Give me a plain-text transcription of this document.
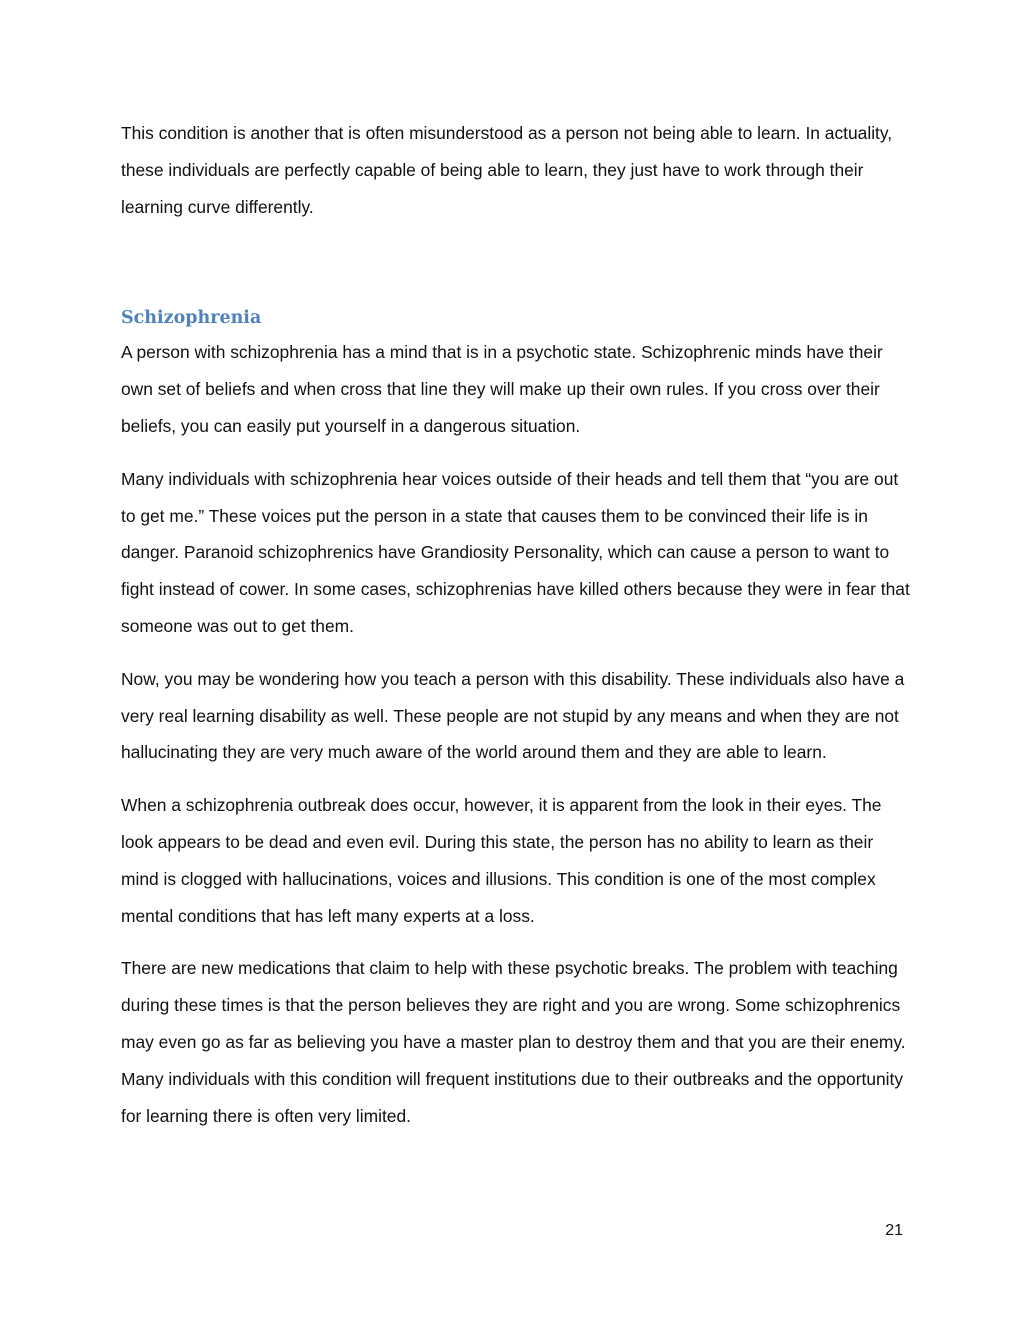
This condition is another that is often misunderstood as a person not being able to learn. In actuality, these individuals are perfectly capable of being able to learn, they just have to work through their learning curve differently.

Schizophrenia

A person with schizophrenia has a mind that is in a psychotic state. Schizophrenic minds have their own set of beliefs and when cross that line they will make up their own rules. If you cross over their beliefs, you can easily put yourself in a dangerous situation.

Many individuals with schizophrenia hear voices outside of their heads and tell them that “you are out to get me.” These voices put the person in a state that causes them to be convinced their life is in danger. Paranoid schizophrenics have Grandiosity Personality, which can cause a person to want to fight instead of cower. In some cases, schizophrenias have killed others because they were in fear that someone was out to get them.

Now, you may be wondering how you teach a person with this disability. These individuals also have a very real learning disability as well. These people are not stupid by any means and when they are not hallucinating they are very much aware of the world around them and they are able to learn.

When a schizophrenia outbreak does occur, however, it is apparent from the look in their eyes. The look appears to be dead and even evil. During this state, the person has no ability to learn as their mind is clogged with hallucinations, voices and illusions. This condition is one of the most complex mental conditions that has left many experts at a loss.

There are new medications that claim to help with these psychotic breaks. The problem with teaching during these times is that the person believes they are right and you are wrong. Some schizophrenics may even go as far as believing you have a master plan to destroy them and that you are their enemy. Many individuals with this condition will frequent institutions due to their outbreaks and the opportunity for learning there is often very limited.

21
